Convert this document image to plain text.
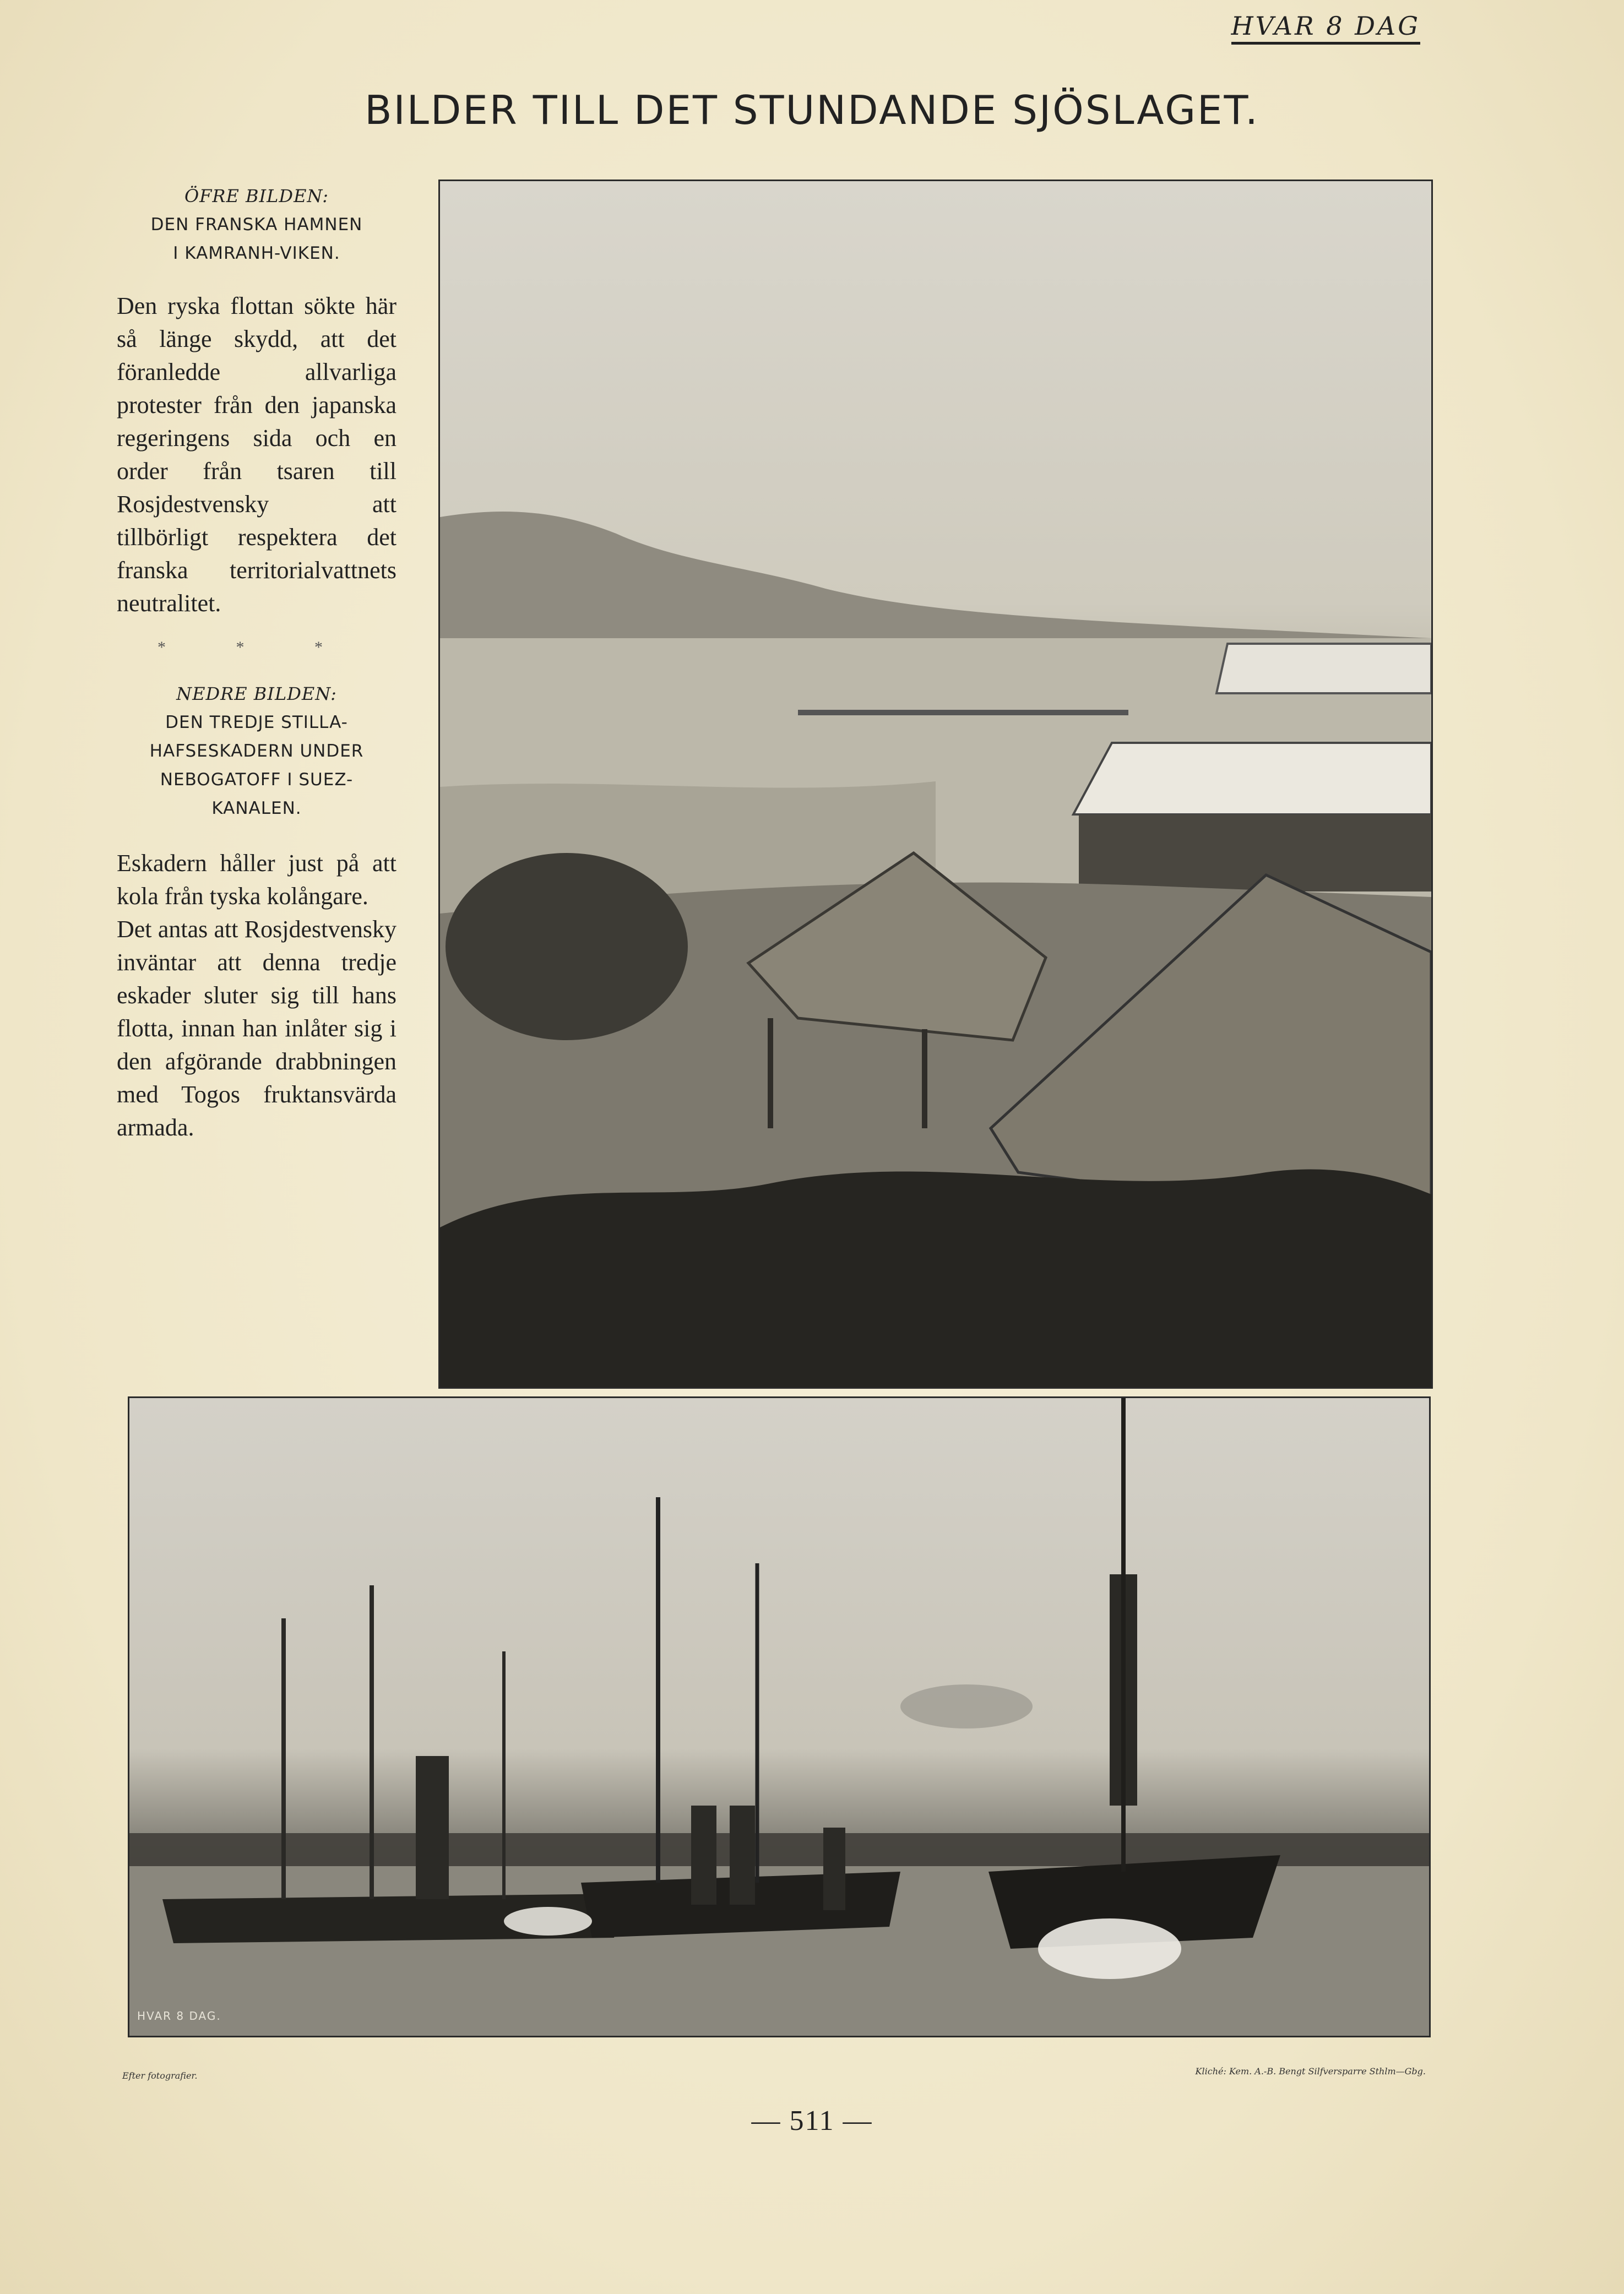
HVAR 8 DAG
BILDER TILL DET STUNDANDE SJÖSLAGET.
ÖFRE BILDEN:
DEN FRANSKA HAMNEN
I KAMRANH-VIKEN.

Den ryska flottan sökte här så länge skydd, att det föranledde allvarliga protester från den japanska regeringens sida och en order från tsaren till Rosjdestvensky att tillbörligt respektera det franska territorialvattnets neutralitet.

* * *
NEDRE BILDEN:
DEN TREDJE STILLA-
HAFSESKADERN UNDER
NEBOGATOFF I SUEZ-
KANALEN.

Eskadern håller just på att kola från tyska kolångare.

Det antas att Rosjdestvensky inväntar att denna tredje eskader sluter sig till hans flotta, innan han inlåter sig i den afgörande drabbningen med Togos fruktansvärda armada.

HVAR 8 DAG.
Efter fotografier.	Kliché: Kem. A.-B. Bengt Silfversparre Sthlm—Gbg.
— 511 —
